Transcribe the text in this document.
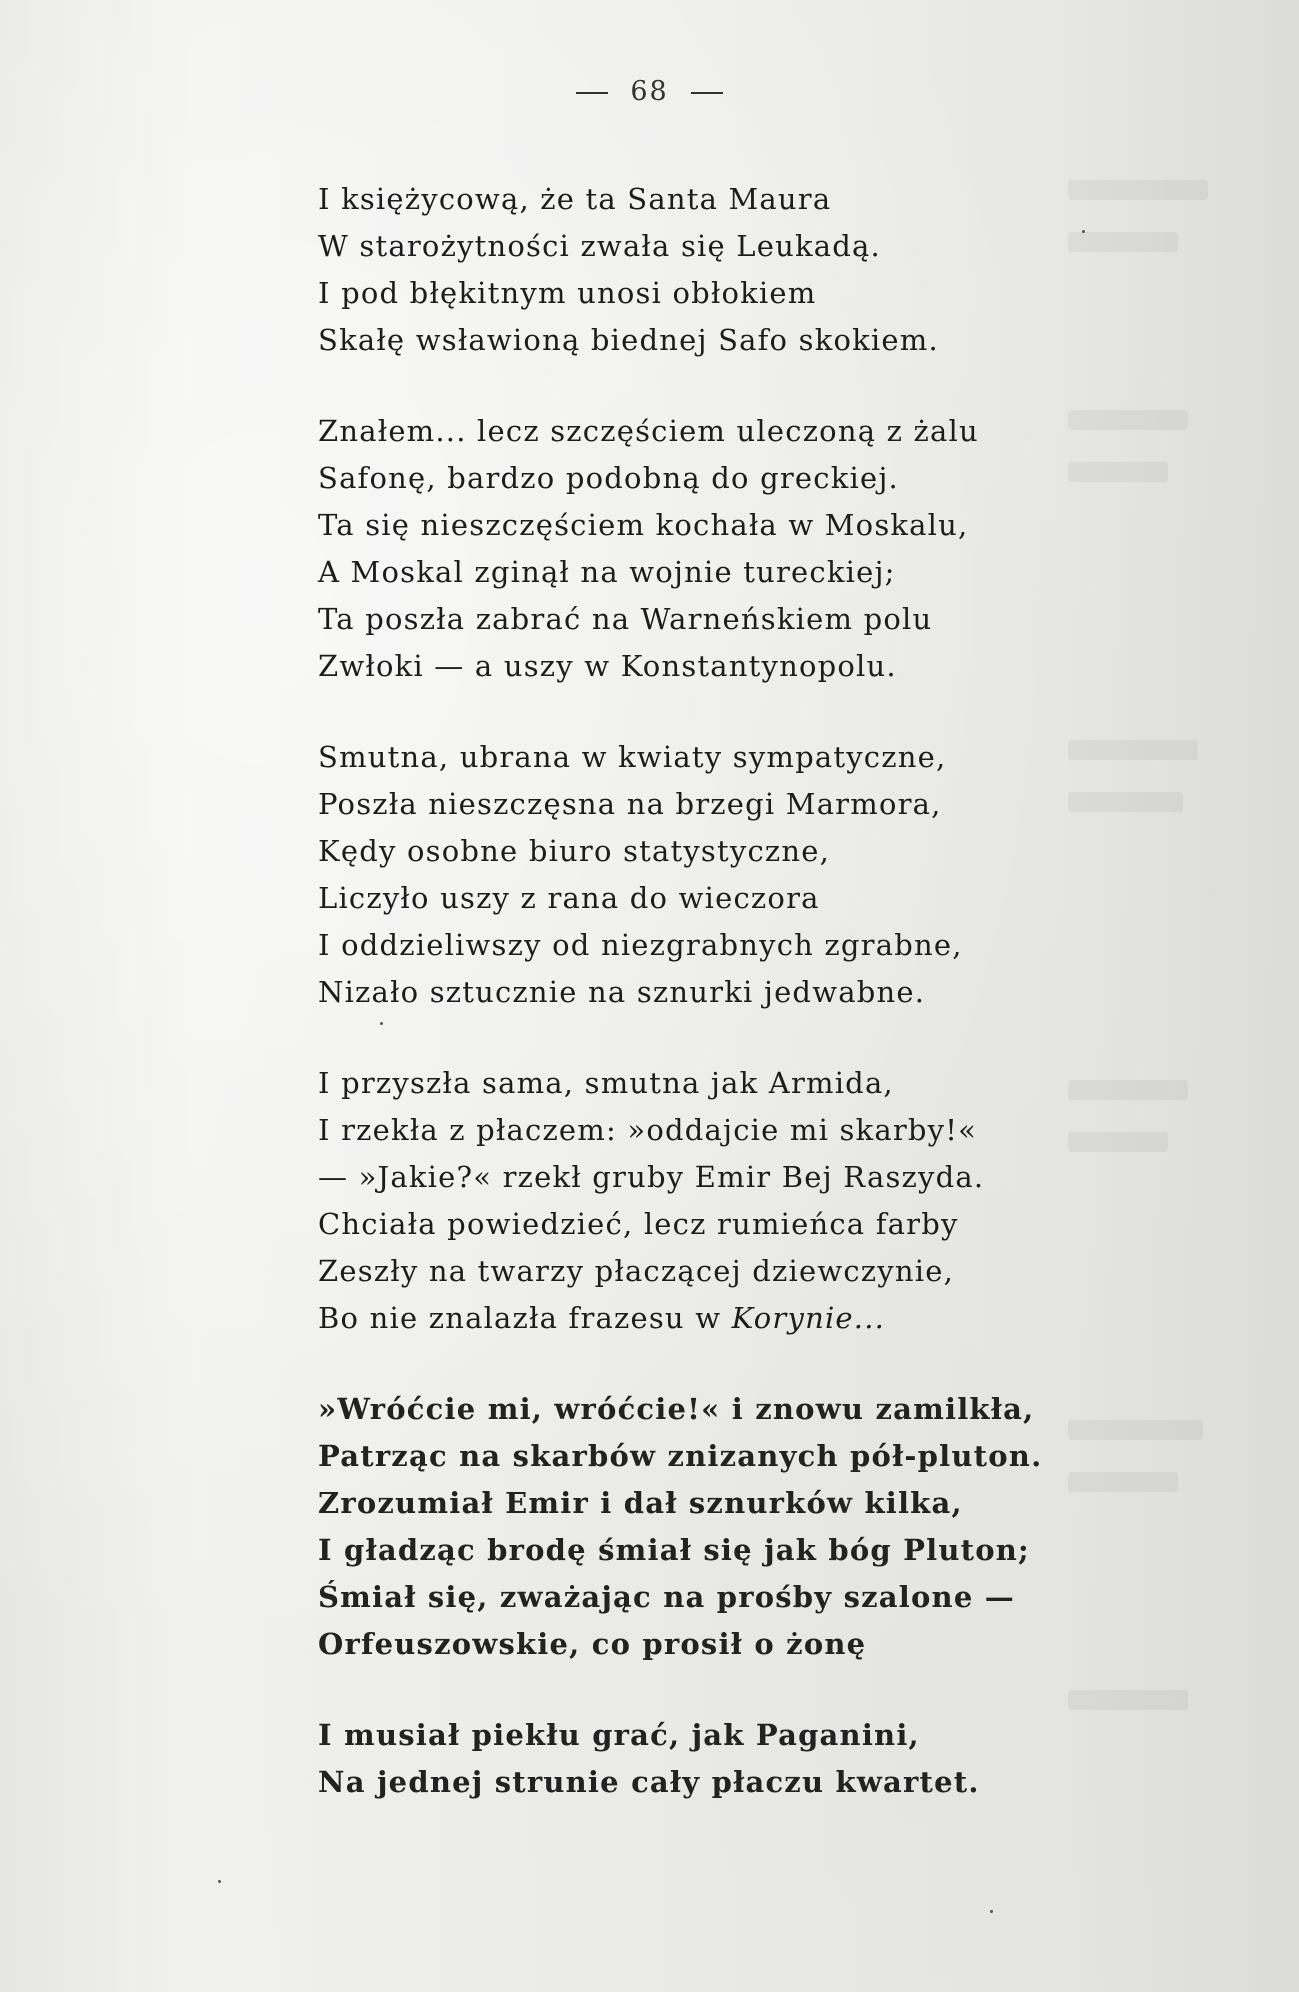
68
I księżycową, że ta Santa Maura
W starożytności zwała się Leukadą.
I pod błękitnym unosi obłokiem
Skałę wsławioną biednej Safo skokiem.
Znałem... lecz szczęściem uleczoną z żalu
Safonę, bardzo podobną do greckiej.
Ta się nieszczęściem kochała w Moskalu,
A Moskal zginął na wojnie tureckiej;
Ta poszła zabrać na Warneńskiem polu
Zwłoki — a uszy w Konstantynopolu.
Smutna, ubrana w kwiaty sympatyczne,
Poszła nieszczęsna na brzegi Marmora,
Kędy osobne biuro statystyczne,
Liczyło uszy z rana do wieczora
I oddzieliwszy od niezgrabnych zgrabne,
Nizało sztucznie na sznurki jedwabne.
I przyszła sama, smutna jak Armida,
I rzekła z płaczem: »oddajcie mi skarby!«
— »Jakie?« rzekł gruby Emir Bej Raszyda.
Chciała powiedzieć, lecz rumieńca farby
Zeszły na twarzy płaczącej dziewczynie,
Bo nie znalazła frazesu w Korynie...
»Wróćcie mi, wróćcie!« i znowu zamilkła,
Patrząc na skarbów znizanych pół-pluton.
Zrozumiał Emir i dał sznurków kilka,
I gładząc brodę śmiał się jak bóg Pluton;
Śmiał się, zważając na prośby szalone —
Orfeuszowskie, co prosił o żonę
I musiał piekłu grać, jak Paganini,
Na jednej strunie cały płaczu kwartet.
